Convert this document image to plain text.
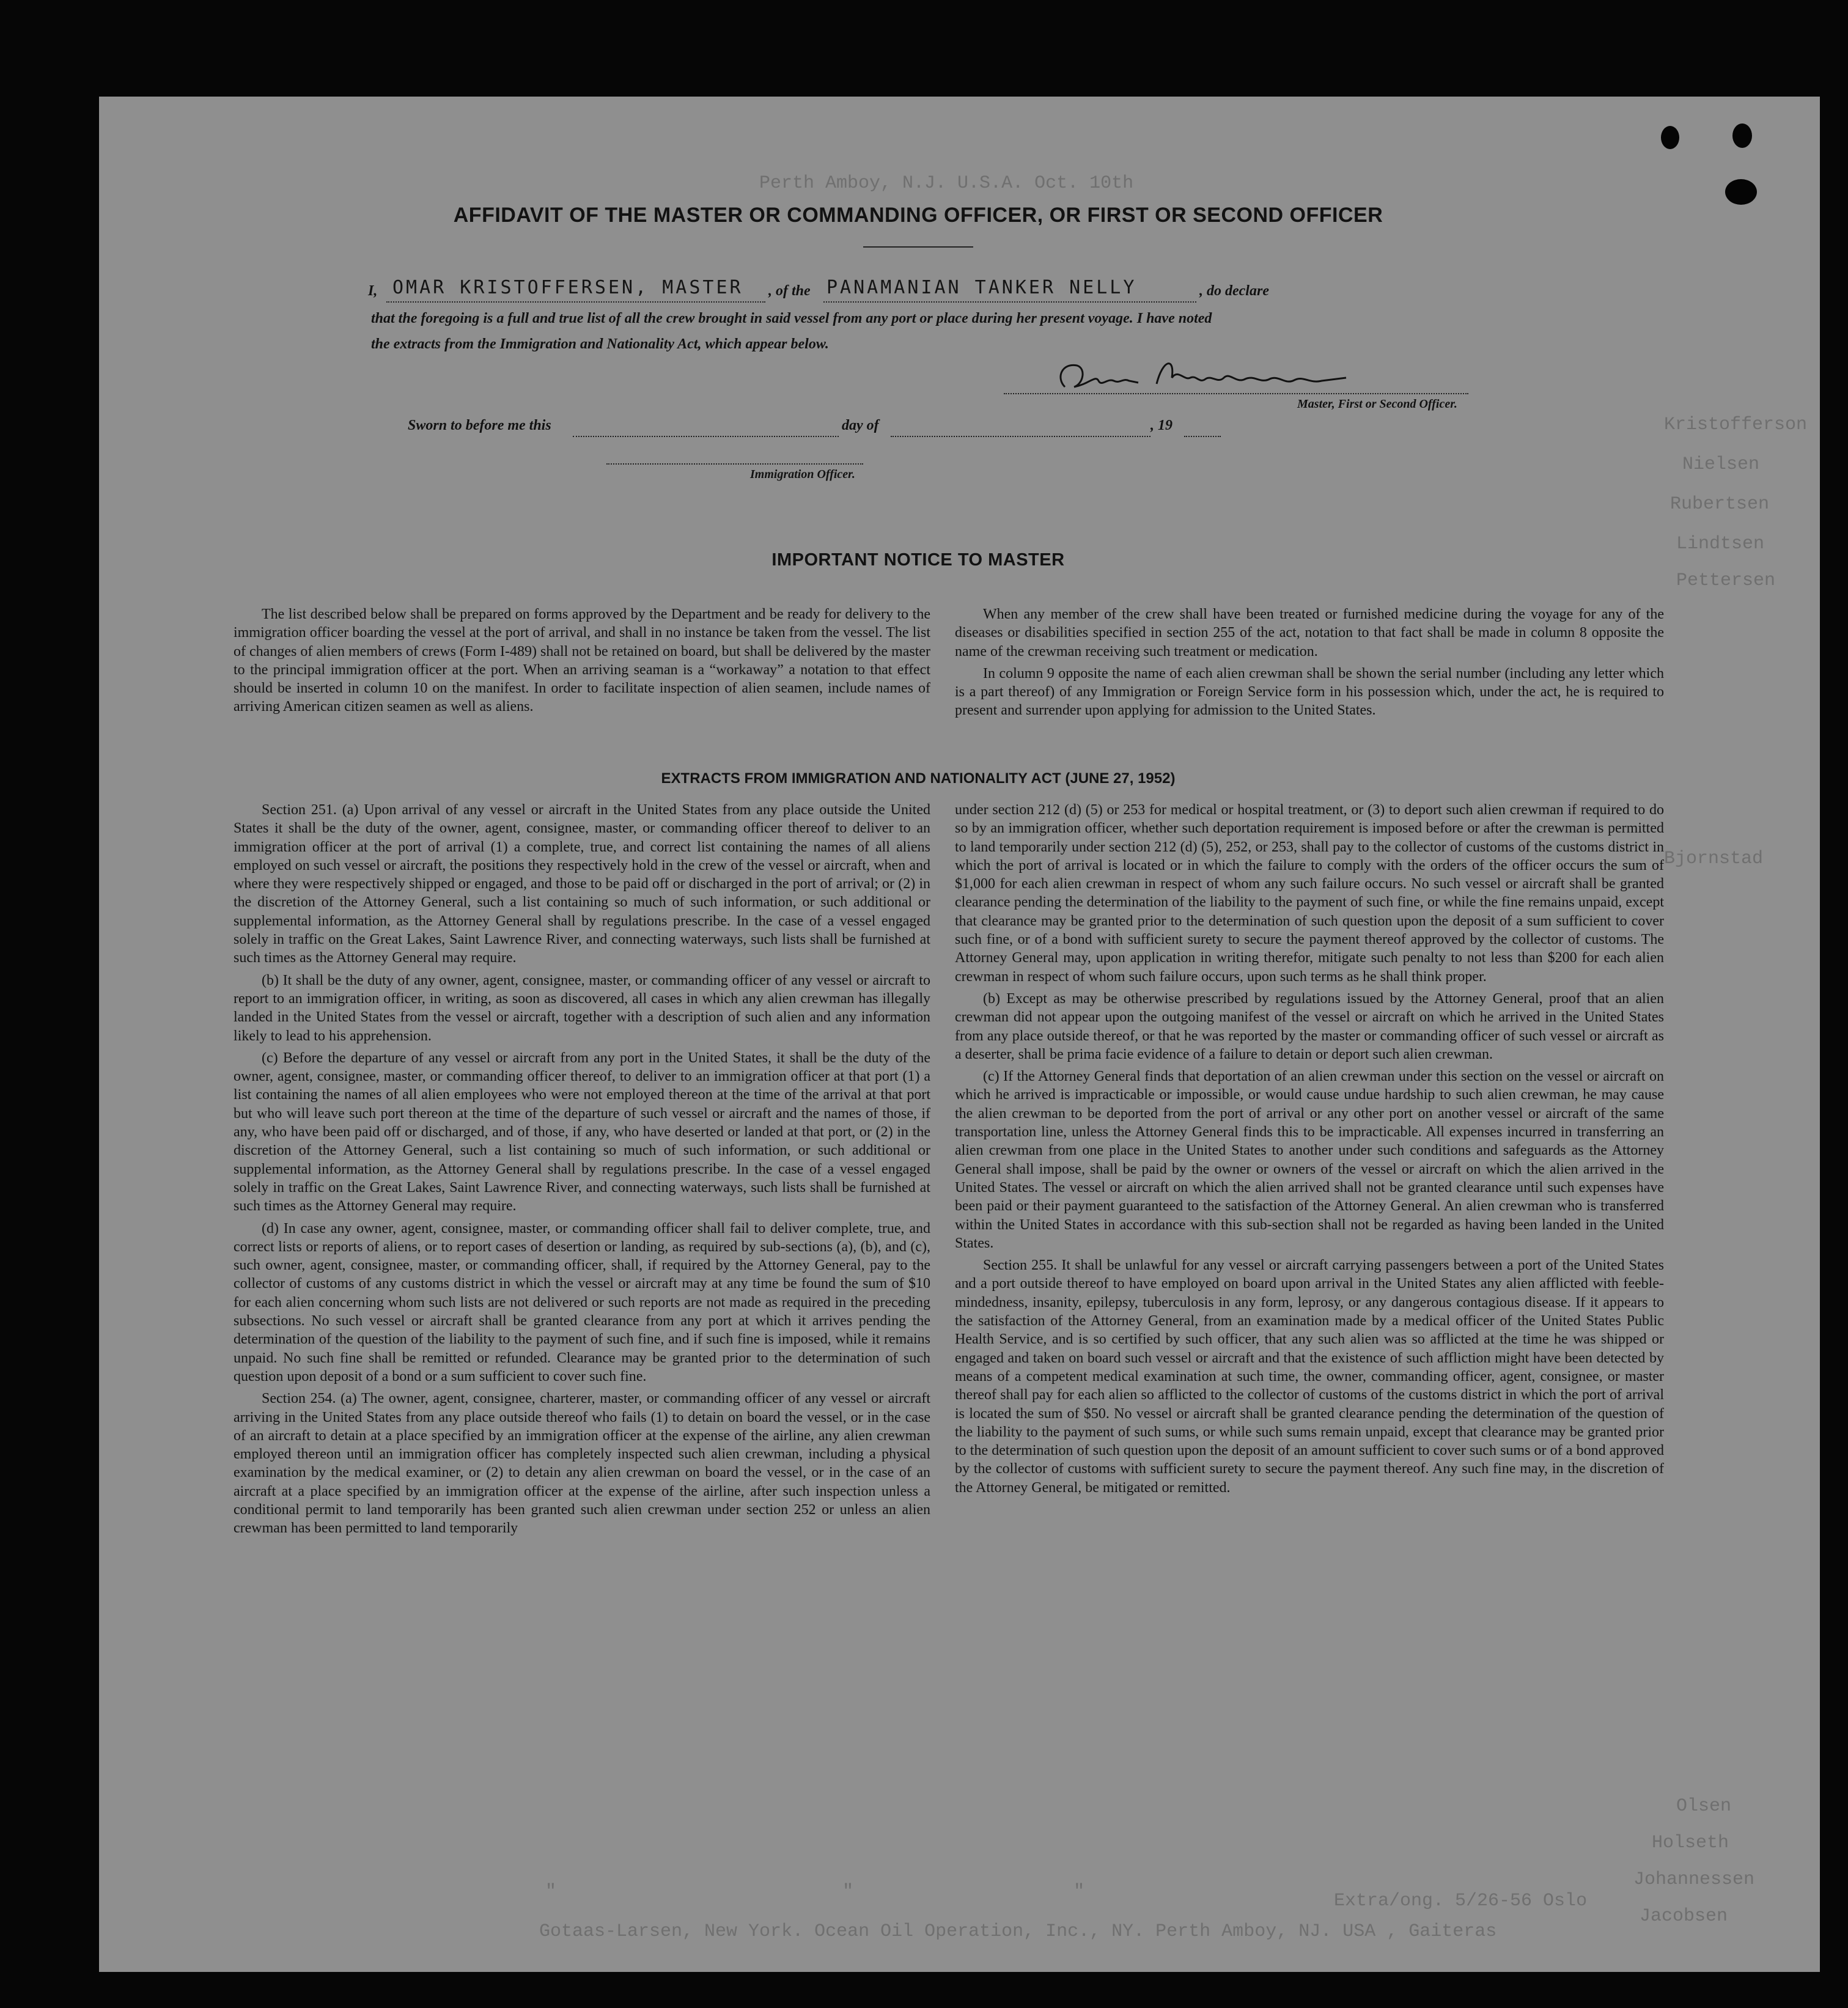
Perth Amboy, N.J. U.S.A. Oct. 10th
Kristofferson
Nielsen
Rubertsen
Lindtsen
Pettersen
Bjornstad
Olsen
Holseth
Johannessen
Jacobsen
Extra/ong. 5/26-56 Oslo
"                          "                    "
Gotaas-Larsen, New York. Ocean Oil Operation, Inc., NY. Perth Amboy, NJ. USA , Gaiteras
AFFIDAVIT OF THE MASTER OR COMMANDING OFFICER, OR FIRST OR SECOND OFFICER
I, OMAR KRISTOFFERSEN, MASTER , of the PANAMANIAN TANKER NELLY	, do declare
that the foregoing is a full and true list of all the crew brought in said vessel from any port or place during her present voyage. I have noted
the extracts from the Immigration and Nationality Act, which appear below.
Master, First or Second Officer.
Sworn to before me this	day of	, 19
Immigration Officer.
IMPORTANT NOTICE TO MASTER

The list described below shall be prepared on forms approved by the Department and be ready for delivery to the immigration officer boarding the vessel at the port of arrival, and shall in no instance be taken from the vessel. The list of changes of alien members of crews (Form I-489) shall not be retained on board, but shall be delivered by the master to the principal immigration officer at the port. When an arriving seaman is a “workaway” a notation to that effect should be inserted in column 10 on the manifest. In order to facilitate inspection of alien seamen, include names of arriving American citizen seamen as well as aliens.

When any member of the crew shall have been treated or furnished medicine during the voyage for any of the diseases or disabilities specified in section 255 of the act, notation to that fact shall be made in column 8 opposite the name of the crewman receiving such treatment or medication.

In column 9 opposite the name of each alien crewman shall be shown the serial number (including any letter which is a part thereof) of any Immigration or Foreign Service form in his possession which, under the act, he is required to present and surrender upon applying for admission to the United States.

EXTRACTS FROM IMMIGRATION AND NATIONALITY ACT (JUNE 27, 1952)

Section 251. (a) Upon arrival of any vessel or aircraft in the United States from any place outside the United States it shall be the duty of the owner, agent, consignee, master, or commanding officer thereof to deliver to an immigration officer at the port of arrival (1) a complete, true, and correct list containing the names of all aliens employed on such vessel or aircraft, the positions they respectively hold in the crew of the vessel or aircraft, when and where they were respectively shipped or engaged, and those to be paid off or discharged in the port of arrival; or (2) in the discretion of the Attorney General, such a list containing so much of such information, or such additional or supplemental information, as the Attorney General shall by regulations prescribe. In the case of a vessel engaged solely in traffic on the Great Lakes, Saint Lawrence River, and connecting waterways, such lists shall be furnished at such times as the Attorney General may require.

(b) It shall be the duty of any owner, agent, consignee, master, or commanding officer of any vessel or aircraft to report to an immigration officer, in writing, as soon as discovered, all cases in which any alien crewman has illegally landed in the United States from the vessel or aircraft, together with a description of such alien and any information likely to lead to his apprehension.

(c) Before the departure of any vessel or aircraft from any port in the United States, it shall be the duty of the owner, agent, consignee, master, or commanding officer thereof, to deliver to an immigration officer at that port (1) a list containing the names of all alien employees who were not employed thereon at the time of the arrival at that port but who will leave such port thereon at the time of the departure of such vessel or aircraft and the names of those, if any, who have been paid off or discharged, and of those, if any, who have deserted or landed at that port, or (2) in the discretion of the Attorney General, such a list containing so much of such information, or such additional or supplemental information, as the Attorney General shall by regulations prescribe. In the case of a vessel engaged solely in traffic on the Great Lakes, Saint Lawrence River, and connecting waterways, such lists shall be furnished at such times as the Attorney General may require.

(d) In case any owner, agent, consignee, master, or commanding officer shall fail to deliver complete, true, and correct lists or reports of aliens, or to report cases of desertion or landing, as required by sub-sections (a), (b), and (c), such owner, agent, consignee, master, or commanding officer, shall, if required by the Attorney General, pay to the collector of customs of any customs district in which the vessel or aircraft may at any time be found the sum of $10 for each alien concerning whom such lists are not delivered or such reports are not made as required in the preceding subsections. No such vessel or aircraft shall be granted clearance from any port at which it arrives pending the determination of the question of the liability to the payment of such fine, and if such fine is imposed, while it remains unpaid. No such fine shall be remitted or refunded. Clearance may be granted prior to the determination of such question upon deposit of a bond or a sum sufficient to cover such fine.

Section 254. (a) The owner, agent, consignee, charterer, master, or commanding officer of any vessel or aircraft arriving in the United States from any place outside thereof who fails (1) to detain on board the vessel, or in the case of an aircraft to detain at a place specified by an immigration officer at the expense of the airline, any alien crewman employed thereon until an immigration officer has completely inspected such alien crewman, including a physical examination by the medical examiner, or (2) to detain any alien crewman on board the vessel, or in the case of an aircraft at a place specified by an immigration officer at the expense of the airline, after such inspection unless a conditional permit to land temporarily has been granted such alien crewman under section 252 or unless an alien crewman has been permitted to land temporarily

under section 212 (d) (5) or 253 for medical or hospital treatment, or (3) to deport such alien crewman if required to do so by an immigration officer, whether such deportation requirement is imposed before or after the crewman is permitted to land temporarily under section 212 (d) (5), 252, or 253, shall pay to the collector of customs of the customs district in which the port of arrival is located or in which the failure to comply with the orders of the officer occurs the sum of $1,000 for each alien crewman in respect of whom any such failure occurs. No such vessel or aircraft shall be granted clearance pending the determination of the liability to the payment of such fine, or while the fine remains unpaid, except that clearance may be granted prior to the determination of such question upon the deposit of a sum sufficient to cover such fine, or of a bond with sufficient surety to secure the payment thereof approved by the collector of customs. The Attorney General may, upon application in writing therefor, mitigate such penalty to not less than $200 for each alien crewman in respect of whom such failure occurs, upon such terms as he shall think proper.

(b) Except as may be otherwise prescribed by regulations issued by the Attorney General, proof that an alien crewman did not appear upon the outgoing manifest of the vessel or aircraft on which he arrived in the United States from any place outside thereof, or that he was reported by the master or commanding officer of such vessel or aircraft as a deserter, shall be prima facie evidence of a failure to detain or deport such alien crewman.

(c) If the Attorney General finds that deportation of an alien crewman under this section on the vessel or aircraft on which he arrived is impracticable or impossible, or would cause undue hardship to such alien crewman, he may cause the alien crewman to be deported from the port of arrival or any other port on another vessel or aircraft of the same transportation line, unless the Attorney General finds this to be impracticable. All expenses incurred in transferring an alien crewman from one place in the United States to another under such conditions and safeguards as the Attorney General shall impose, shall be paid by the owner or owners of the vessel or aircraft on which the alien arrived in the United States. The vessel or aircraft on which the alien arrived shall not be granted clearance until such expenses have been paid or their payment guaranteed to the satisfaction of the Attorney General. An alien crewman who is transferred within the United States in accordance with this sub-section shall not be regarded as having been landed in the United States.

Section 255. It shall be unlawful for any vessel or aircraft carrying passengers between a port of the United States and a port outside thereof to have employed on board upon arrival in the United States any alien afflicted with feeble-mindedness, insanity, epilepsy, tuberculosis in any form, leprosy, or any dangerous contagious disease. If it appears to the satisfaction of the Attorney General, from an examination made by a medical officer of the United States Public Health Service, and is so certified by such officer, that any such alien was so afflicted at the time he was shipped or engaged and taken on board such vessel or aircraft and that the existence of such affliction might have been detected by means of a competent medical examination at such time, the owner, commanding officer, agent, consignee, or master thereof shall pay for each alien so afflicted to the collector of customs of the customs district in which the port of arrival is located the sum of $50. No vessel or aircraft shall be granted clearance pending the determination of the question of the liability to the payment of such sums, or while such sums remain unpaid, except that clearance may be granted prior to the determination of such question upon the deposit of an amount sufficient to cover such sums or of a bond approved by the collector of customs with sufficient surety to secure the payment thereof. Any such fine may, in the discretion of the Attorney General, be mitigated or remitted.
